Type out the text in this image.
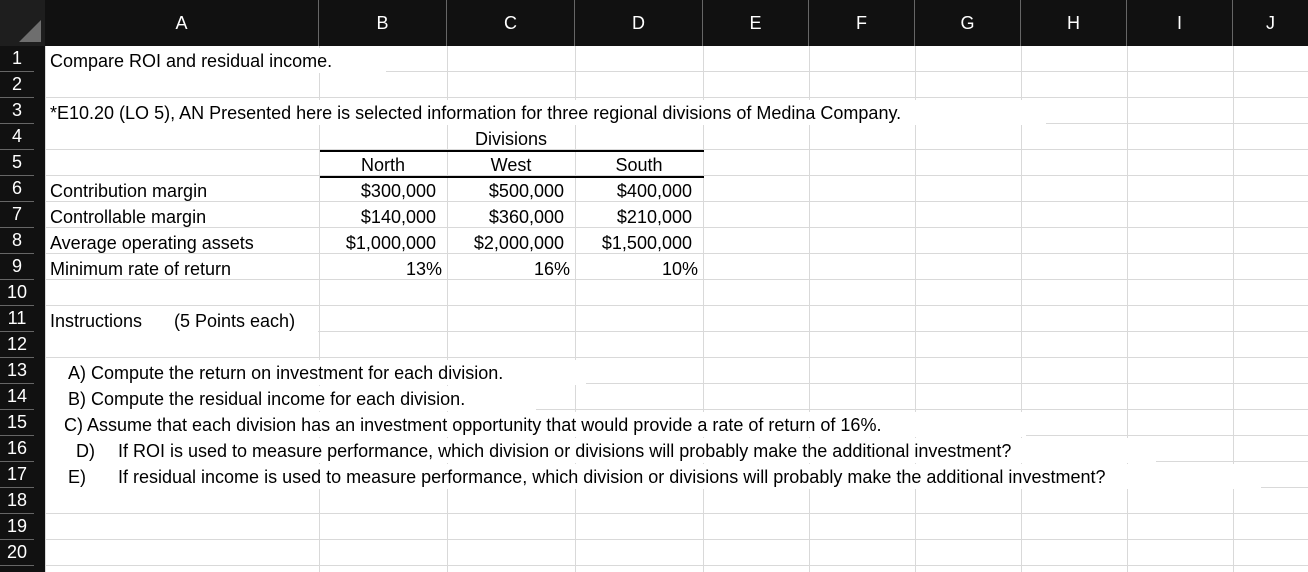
A	B	C	D	E	F	G	H	I	J
1
2
3
4
5
6
7
8
9
10
11
12
13
14
15
16
17
18
19
20
Compare ROI and residual income.
*E10.20 (LO 5), AN Presented here is selected information for three regional divisions of Medina Company.
Divisions
North	West	South
Contribution margin	$300,000	$500,000	$400,000
Controllable margin	$140,000	$360,000	$210,000
Average operating assets	$1,000,000	$2,000,000	$1,500,000
Minimum rate of return	13%	16%	10%
Instructions (5 Points each)
A) Compute the return on investment for each division.
B) Compute the residual income for each division.
C) Assume that each division has an investment opportunity that would provide a rate of return of 16%.
D) If ROI is used to measure performance, which division or divisions will probably make the additional investment?
E) If residual income is used to measure performance, which division or divisions will probably make the additional investment?
